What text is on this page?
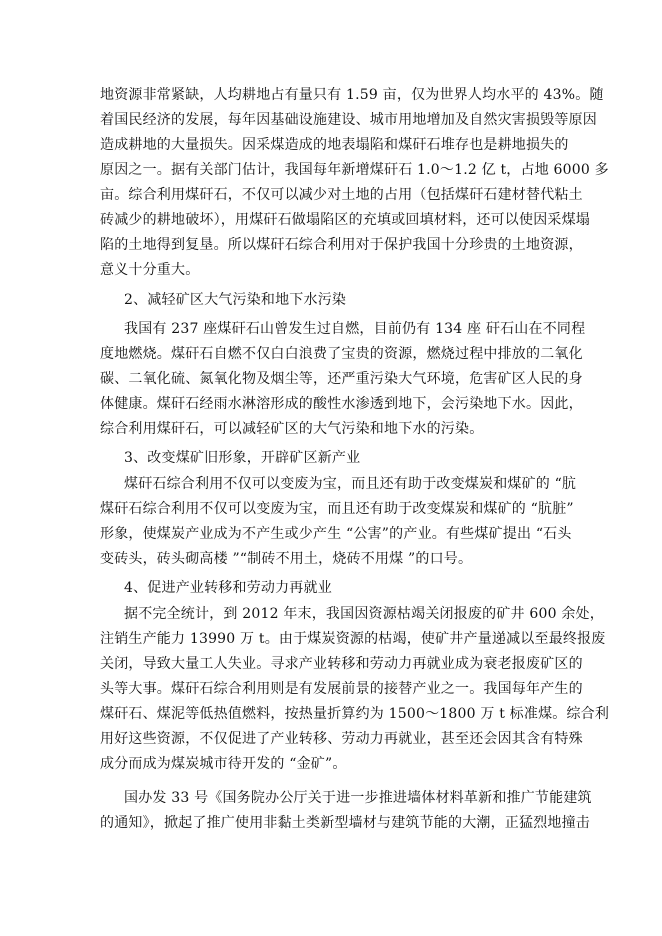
地资源非常紧缺，人均耕地占有量只有 1.59 亩，仅为世界人均水平的 43%。随
着国民经济的发展，每年因基础设施建设、城市用地增加及自然灾害损毁等原因
造成耕地的大量损失。因采煤造成的地表塌陷和煤矸石堆存也是耕地损失的
原因之一。据有关部门估计，我国每年新增煤矸石 1.0～1.2 亿 t，占地 6000 多
亩。综合利用煤矸石，不仅可以减少对土地的占用（包括煤矸石建材替代粘土
砖减少的耕地破坏），用煤矸石做塌陷区的充填或回填材料，还可以使因采煤塌
陷的土地得到复垦。所以煤矸石综合利用对于保护我国十分珍贵的土地资源，
意义十分重大。
2、减轻矿区大气污染和地下水污染
我国有 237 座煤矸石山曾发生过自燃，目前仍有 134 座 矸石山在不同程
度地燃烧。煤矸石自燃不仅白白浪费了宝贵的资源，燃烧过程中排放的二氧化
碳、二氧化硫、氮氧化物及烟尘等，还严重污染大气环境，危害矿区人民的身
体健康。煤矸石经雨水淋溶形成的酸性水渗透到地下，会污染地下水。因此，
综合利用煤矸石，可以减轻矿区的大气污染和地下水的污染。
3、改变煤矿旧形象，开辟矿区新产业
煤矸石综合利用不仅可以变废为宝，而且还有助于改变煤炭和煤矿的 “肮
煤矸石综合利用不仅可以变废为宝，而且还有助于改变煤炭和煤矿的 “肮脏”
形象，使煤炭产业成为不产生或少产生 “公害”的产业。有些煤矿提出 “石头
变砖头，砖头砌高楼 ”“制砖不用土，烧砖不用煤 ”的口号。
4、促进产业转移和劳动力再就业
据不完全统计，到 2012 年末，我国因资源枯竭关闭报废的矿井 600 余处，
注销生产能力 13990 万 t。由于煤炭资源的枯竭，使矿井产量递减以至最终报废
关闭，导致大量工人失业。寻求产业转移和劳动力再就业成为衰老报废矿区的
头等大事。煤矸石综合利用则是有发展前景的接替产业之一。我国每年产生的
煤矸石、煤泥等低热值燃料，按热量折算约为 1500～1800 万 t 标准煤。综合利
用好这些资源，不仅促进了产业转移、劳动力再就业，甚至还会因其含有特殊
成分而成为煤炭城市待开发的 “金矿”。
国办发 33 号《国务院办公厅关于进一步推进墙体材料革新和推广节能建筑
的通知》，掀起了推广使用非黏土类新型墙材与建筑节能的大潮，正猛烈地撞击
